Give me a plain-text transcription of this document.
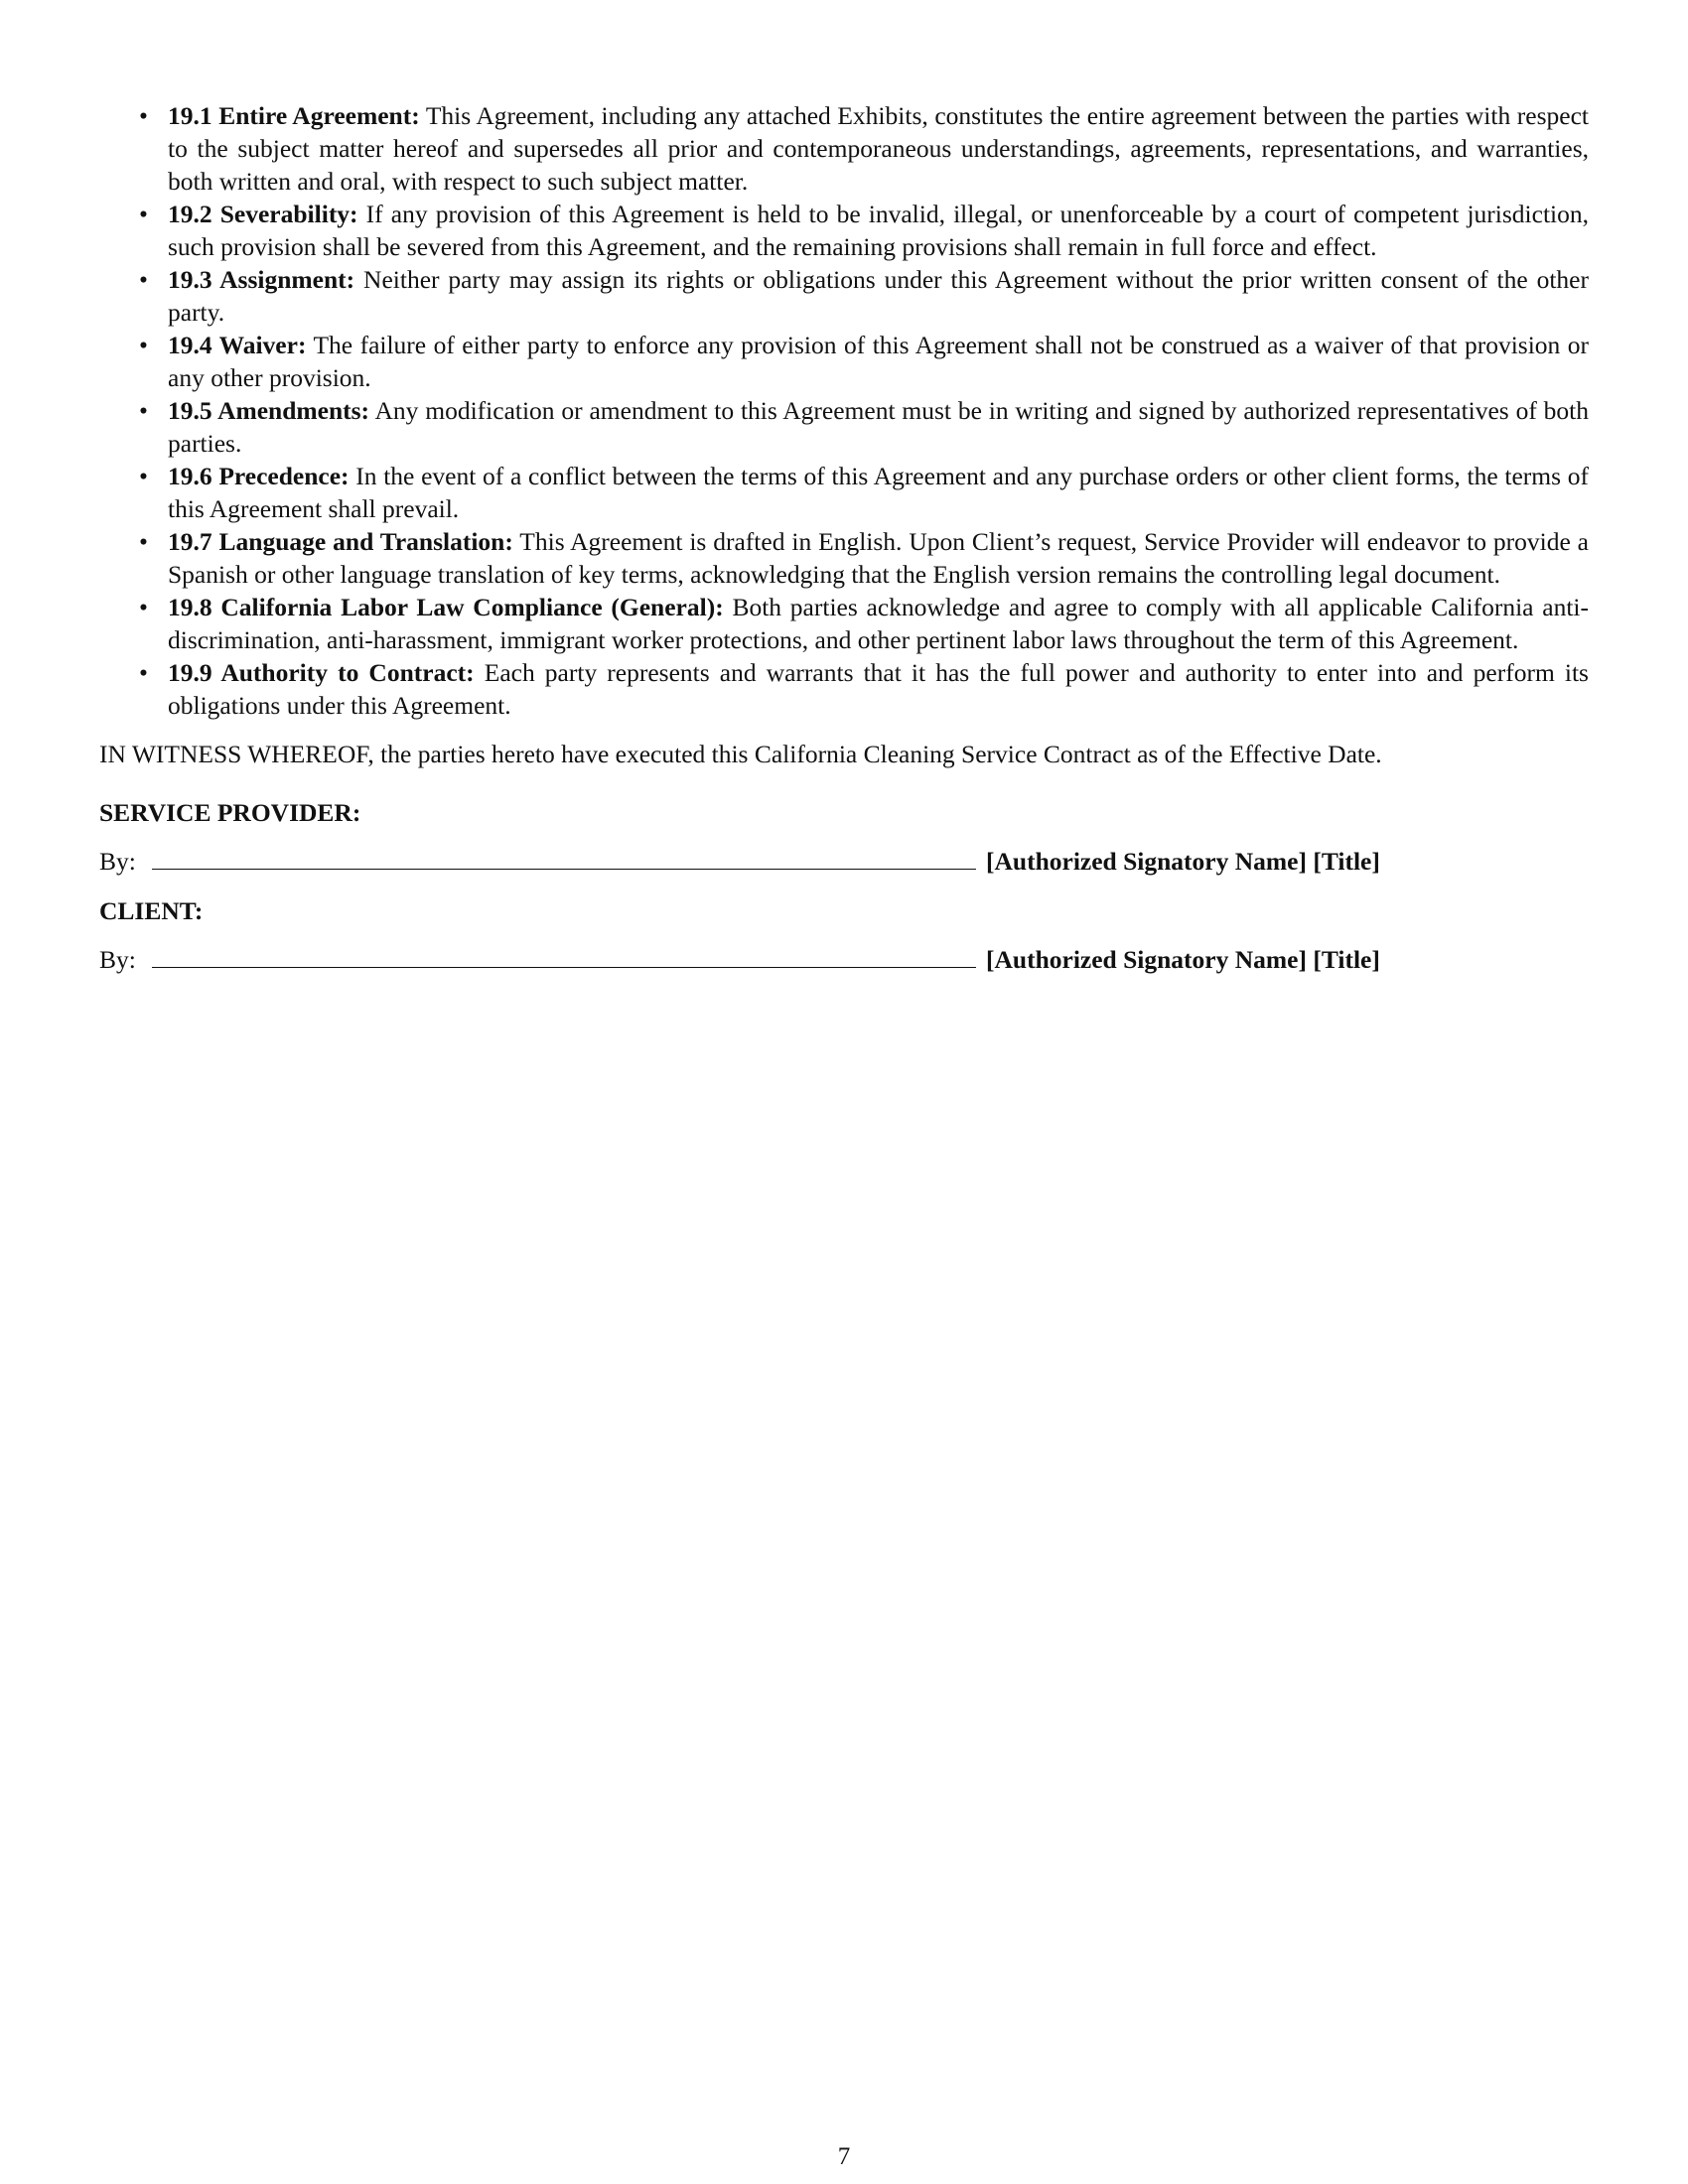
• 19.1 Entire Agreement: This Agreement, including any attached Exhibits, constitutes the entire agreement between the parties with respect to the subject matter hereof and supersedes all prior and contemporaneous understandings, agreements, representations, and warranties, both written and oral, with respect to such subject matter.
• 19.2 Severability: If any provision of this Agreement is held to be invalid, illegal, or unenforceable by a court of competent jurisdiction, such provision shall be severed from this Agreement, and the remaining provisions shall remain in full force and effect.
• 19.3 Assignment: Neither party may assign its rights or obligations under this Agreement without the prior written consent of the other party.
• 19.4 Waiver: The failure of either party to enforce any provision of this Agreement shall not be construed as a waiver of that provision or any other provision.
• 19.5 Amendments: Any modification or amendment to this Agreement must be in writing and signed by authorized representatives of both parties.
• 19.6 Precedence: In the event of a conflict between the terms of this Agreement and any purchase orders or other client forms, the terms of this Agreement shall prevail.
• 19.7 Language and Translation: This Agreement is drafted in English. Upon Client’s request, Service Provider will endeavor to provide a Spanish or other language translation of key terms, acknowledging that the English version remains the controlling legal document.
• 19.8 California Labor Law Compliance (General): Both parties acknowledge and agree to comply with all applicable California anti-discrimination, anti-harassment, immigrant worker protections, and other pertinent labor laws throughout the term of this Agreement.
• 19.9 Authority to Contract: Each party represents and warrants that it has the full power and authority to enter into and perform its obligations under this Agreement.

IN WITNESS WHEREOF, the parties hereto have executed this California Cleaning Service Contract as of the Effective Date.

SERVICE PROVIDER:
By:	[Authorized Signatory Name] [Title]
CLIENT:
By:	[Authorized Signatory Name] [Title]
7
